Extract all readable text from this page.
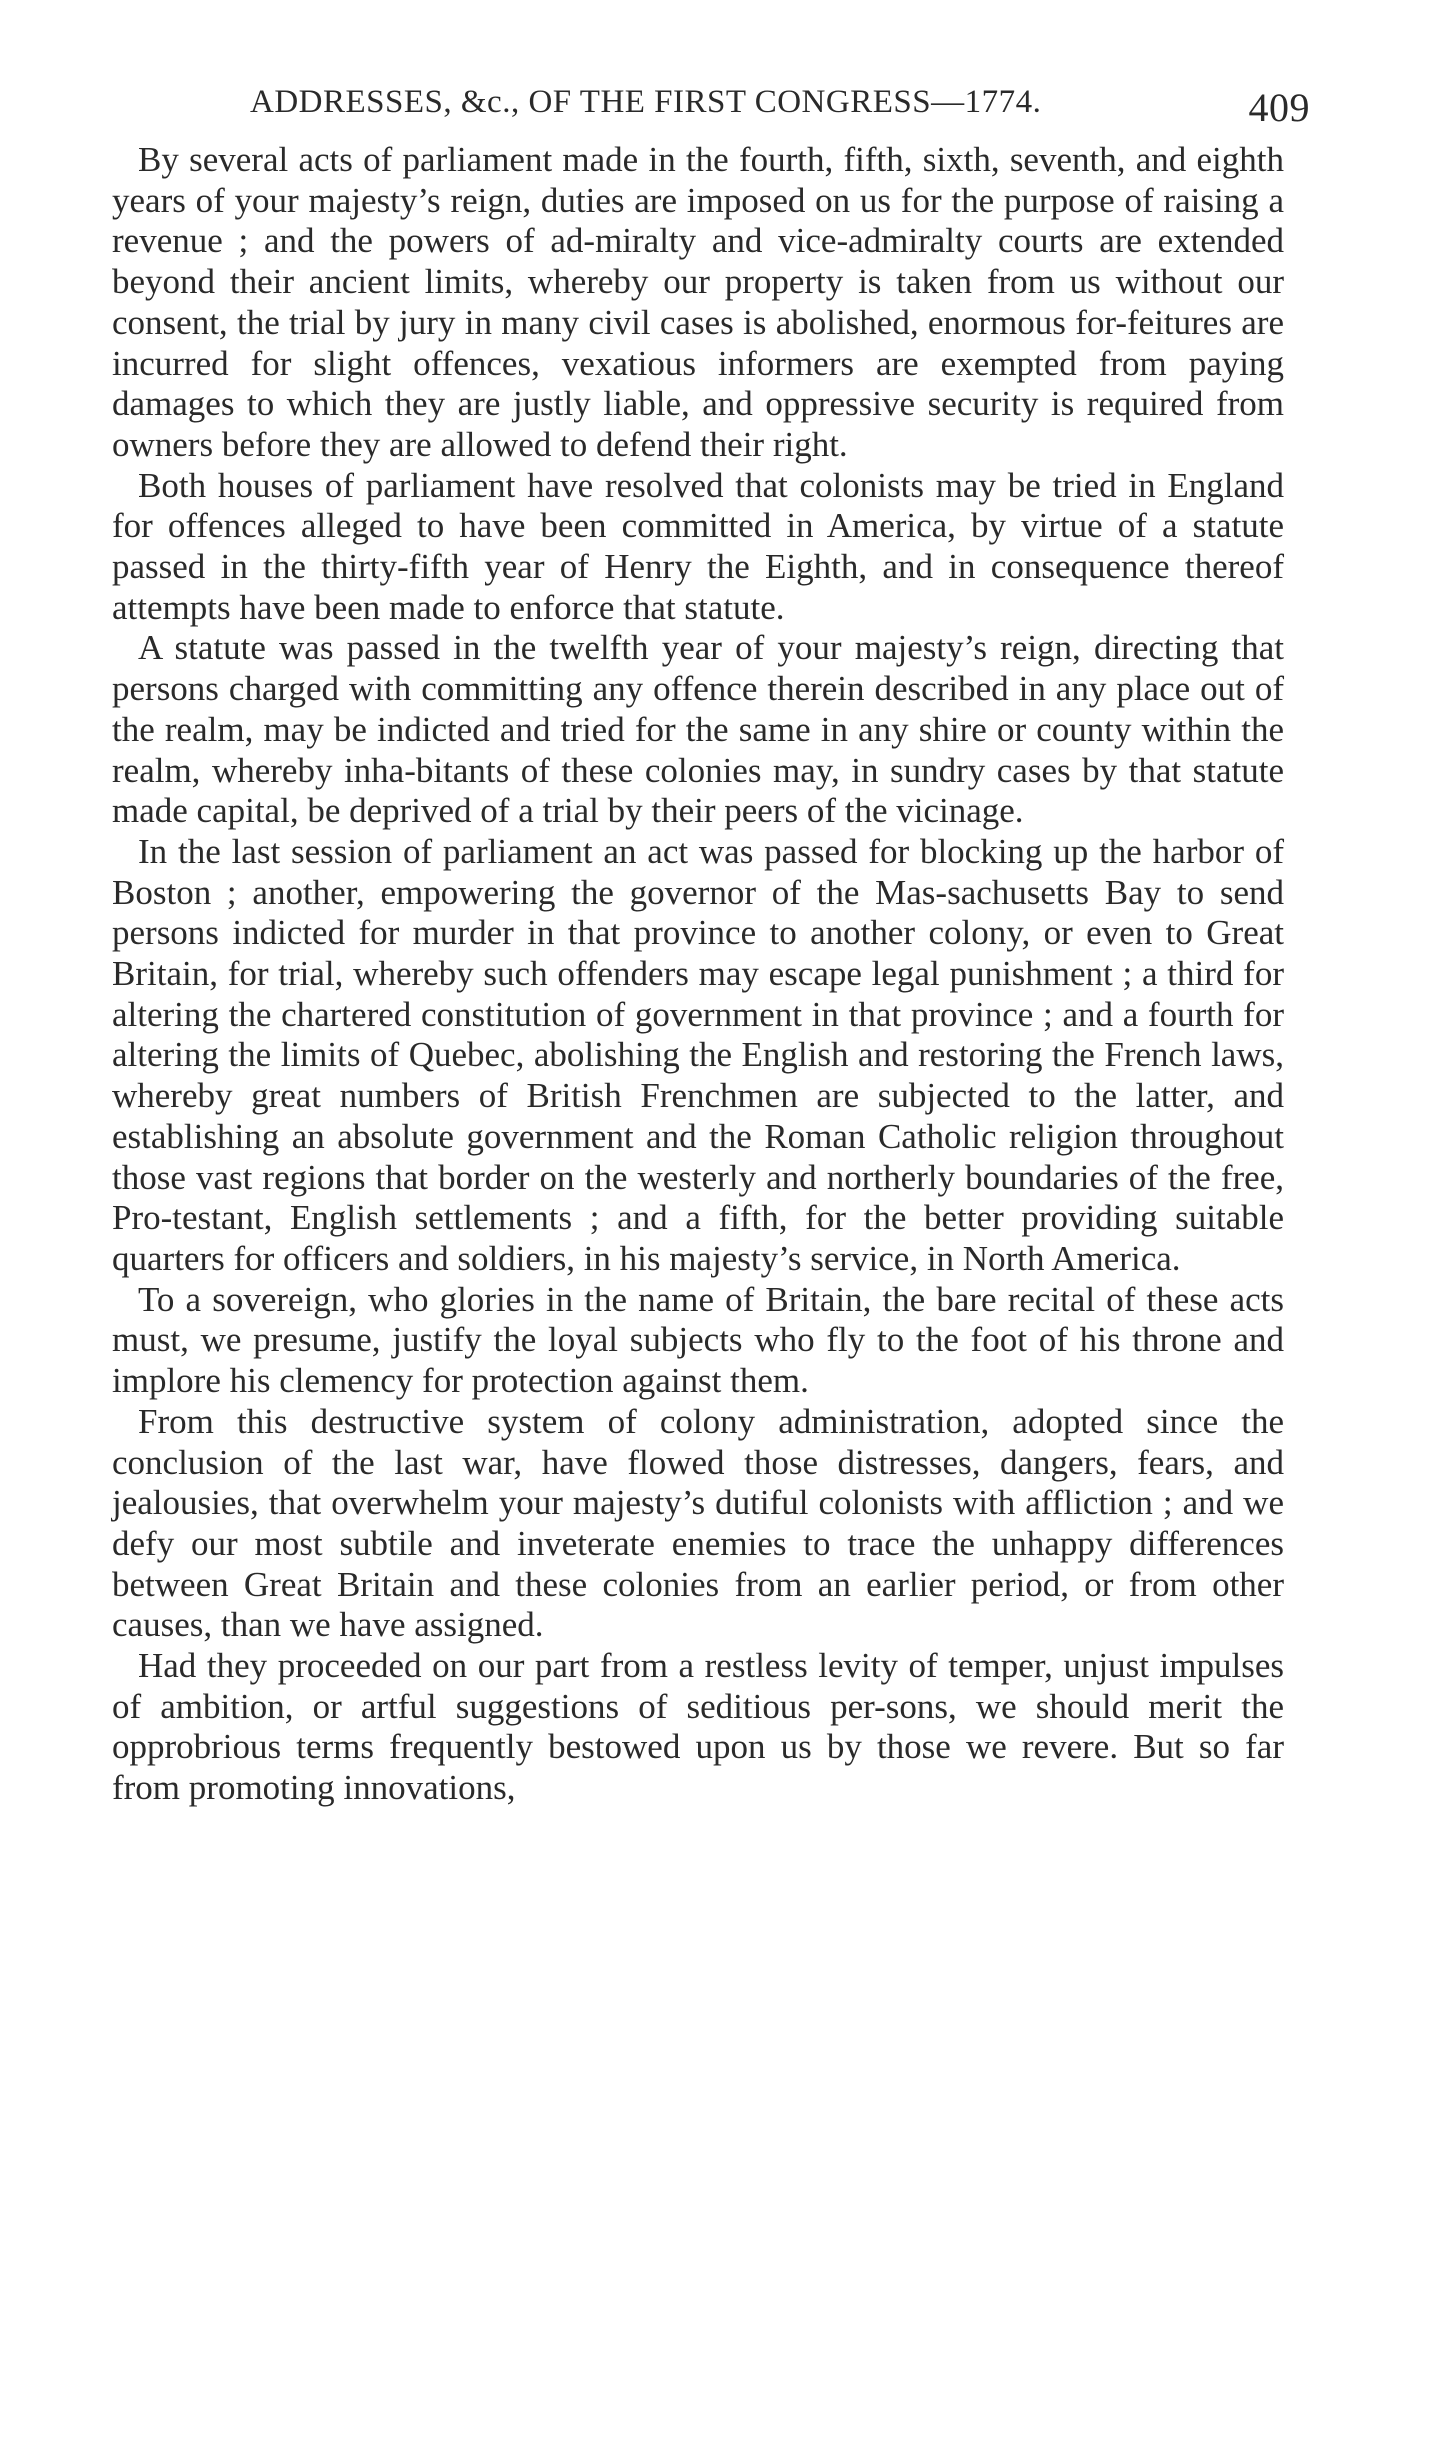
ADDRESSES, &c., OF THE FIRST CONGRESS—1774.	409

By several acts of parliament made in the fourth, fifth, sixth, seventh, and eighth years of your majesty’s reign, duties are imposed on us for the purpose of raising a revenue ; and the powers of ad-miralty and vice-admiralty courts are extended beyond their ancient limits, whereby our property is taken from us without our consent, the trial by jury in many civil cases is abolished, enormous for-feitures are incurred for slight offences, vexatious informers are exempted from paying damages to which they are justly liable, and oppressive security is required from owners before they are allowed to defend their right.

Both houses of parliament have resolved that colonists may be tried in England for offences alleged to have been committed in America, by virtue of a statute passed in the thirty-fifth year of Henry the Eighth, and in consequence thereof attempts have been made to enforce that statute.

A statute was passed in the twelfth year of your majesty’s reign, directing that persons charged with committing any offence therein described in any place out of the realm, may be indicted and tried for the same in any shire or county within the realm, whereby inha-bitants of these colonies may, in sundry cases by that statute made capital, be deprived of a trial by their peers of the vicinage.

In the last session of parliament an act was passed for blocking up the harbor of Boston ; another, empowering the governor of the Mas-sachusetts Bay to send persons indicted for murder in that province to another colony, or even to Great Britain, for trial, whereby such offenders may escape legal punishment ; a third for altering the chartered constitution of government in that province ; and a fourth for altering the limits of Quebec, abolishing the English and restoring the French laws, whereby great numbers of British Frenchmen are subjected to the latter, and establishing an absolute government and the Roman Catholic religion throughout those vast regions that border on the westerly and northerly boundaries of the free, Pro-testant, English settlements ; and a fifth, for the better providing suitable quarters for officers and soldiers, in his majesty’s service, in North America.

To a sovereign, who glories in the name of Britain, the bare recital of these acts must, we presume, justify the loyal subjects who fly to the foot of his throne and implore his clemency for protection against them.

From this destructive system of colony administration, adopted since the conclusion of the last war, have flowed those distresses, dangers, fears, and jealousies, that overwhelm your majesty’s dutiful colonists with affliction ; and we defy our most subtile and inveterate enemies to trace the unhappy differences between Great Britain and these colonies from an earlier period, or from other causes, than we have assigned.

Had they proceeded on our part from a restless levity of temper, unjust impulses of ambition, or artful suggestions of seditious per-sons, we should merit the opprobrious terms frequently bestowed upon us by those we revere. But so far from promoting innovations,
